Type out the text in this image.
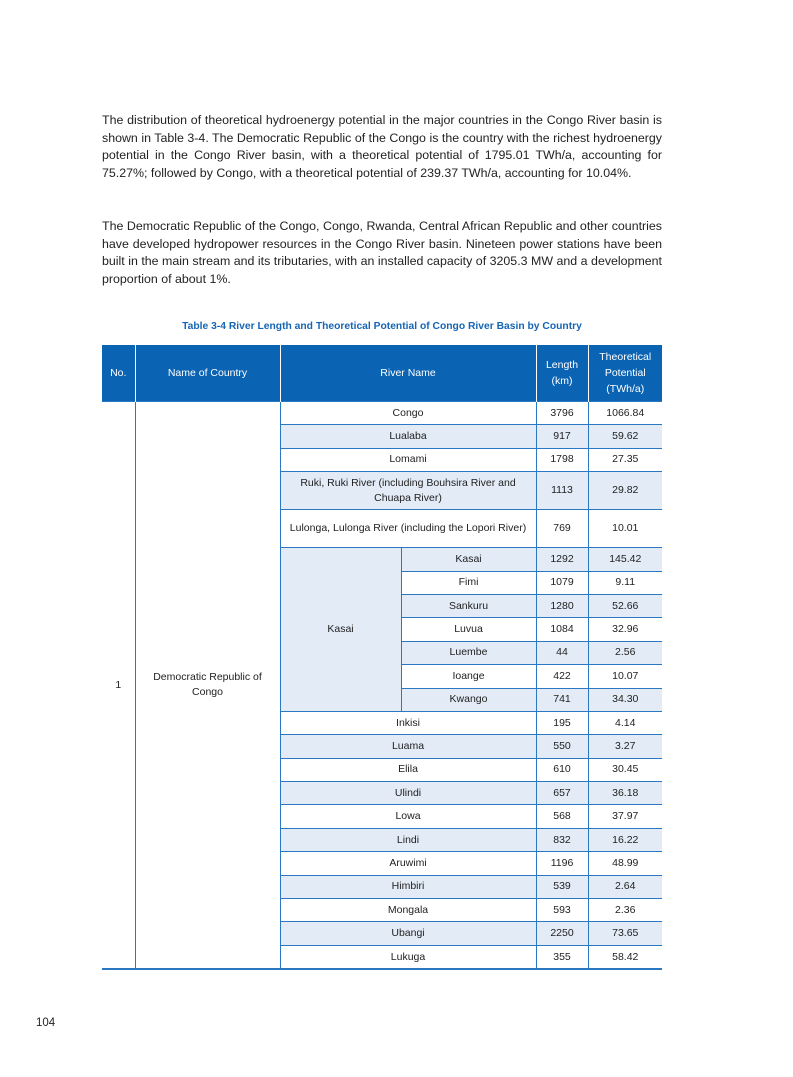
The distribution of theoretical hydroenergy potential in the major countries in the Congo River basin is shown in Table 3-4. The Democratic Republic of the Congo is the country with the richest hydroenergy potential in the Congo River basin, with a theoretical potential of 1795.01 TWh/a, accounting for 75.27%; followed by Congo, with a theoretical potential of 239.37 TWh/a, accounting for 10.04%.

The Democratic Republic of the Congo, Congo, Rwanda, Central African Republic and other countries have developed hydropower resources in the Congo River basin. Nineteen power stations have been built in the main stream and its tributaries, with an installed capacity of 3205.3 MW and a development proportion of about 1%.

Table 3-4 River Length and Theoretical Potential of Congo River Basin by Country
No.	Name of Country	River Name		Length (km)	Theoretical Potential (TWh/a)
1	Democratic Republic of Congo	Congo		3796	1066.84
		Lualaba		917	59.62
		Lomami		1798	27.35
		Ruki, Ruki River (including Bouhsira River and Chuapa River)		1113	29.82
		Lulonga, Lulonga River (including the Lopori River)		769	10.01
		Kasai	Kasai	1292	145.42
			Fimi	1079	9.11
			Sankuru	1280	52.66
			Luvua	1084	32.96
			Luembe	44	2.56
			Ioange	422	10.07
			Kwango	741	34.30
		Inkisi		195	4.14
		Luama		550	3.27
		Elila		610	30.45
		Ulindi		657	36.18
		Lowa		568	37.97
		Lindi		832	16.22
		Aruwimi		1196	48.99
		Himbiri		539	2.64
		Mongala		593	2.36
		Ubangi		2250	73.65
		Lukuga		355	58.42
104
